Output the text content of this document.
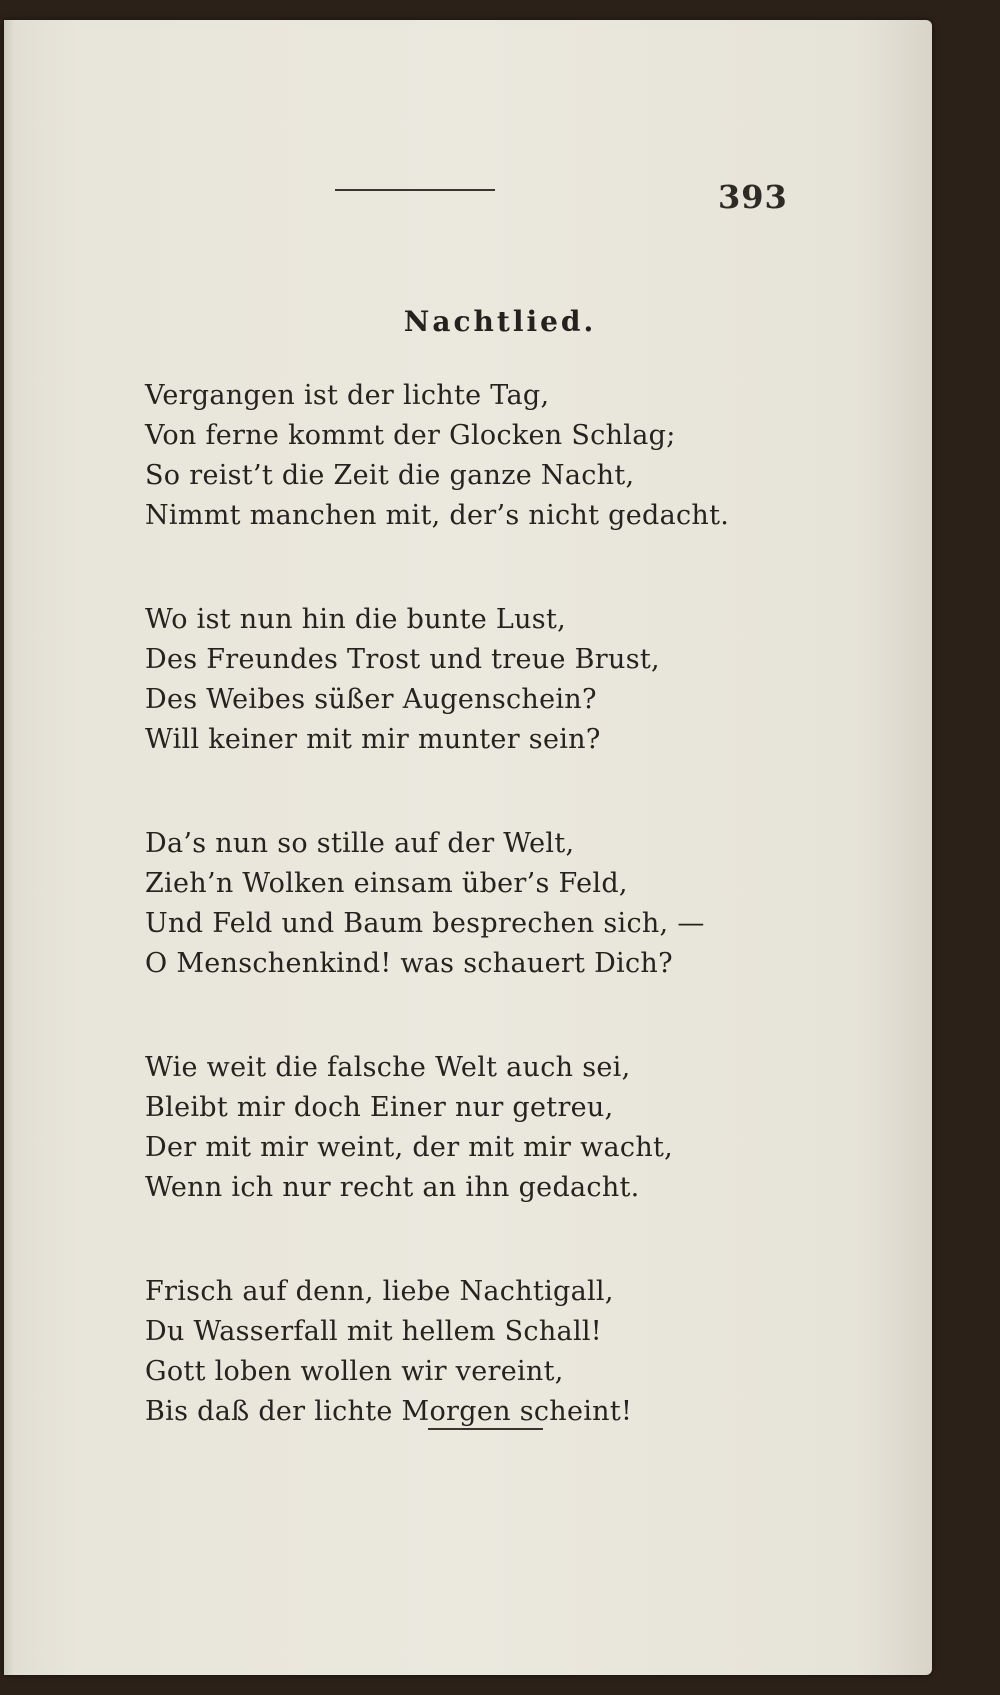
393
Nachtlied.
Vergangen ist der lichte Tag,
Von ferne kommt der Glocken Schlag;
So reist’t die Zeit die ganze Nacht,
Nimmt manchen mit, der’s nicht gedacht.
Wo ist nun hin die bunte Lust,
Des Freundes Trost und treue Brust,
Des Weibes süßer Augenschein?
Will keiner mit mir munter sein?
Da’s nun so stille auf der Welt,
Zieh’n Wolken einsam über’s Feld,
Und Feld und Baum besprechen sich, —
O Menschenkind! was schauert Dich?
Wie weit die falsche Welt auch sei,
Bleibt mir doch Einer nur getreu,
Der mit mir weint, der mit mir wacht,
Wenn ich nur recht an ihn gedacht.
Frisch auf denn, liebe Nachtigall,
Du Wasserfall mit hellem Schall!
Gott loben wollen wir vereint,
Bis daß der lichte Morgen scheint!
